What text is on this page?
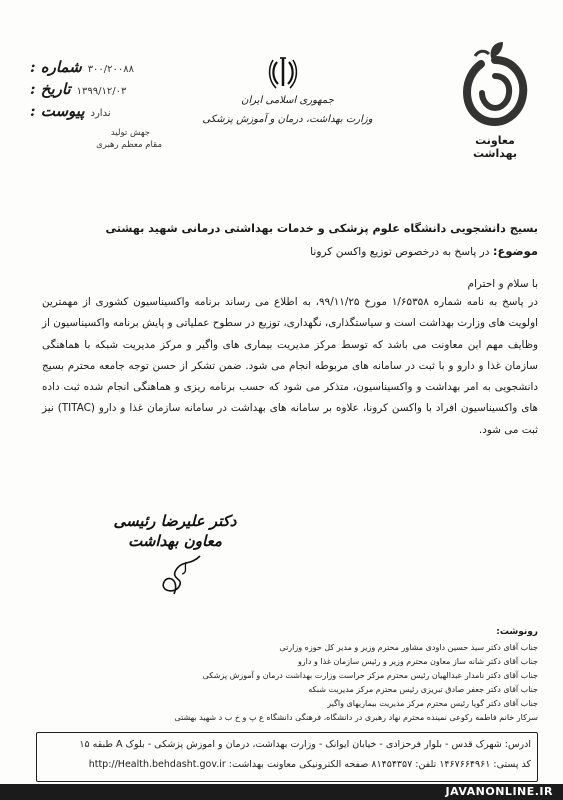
معاونت بهداشت
جمهوری اسلامی ایران
وزارت بهداشت، درمان و آموزش پزشکی
شماره : ۳۰۰/۲۰۰۸۸
تاریخ : ۱۳۹۹/۱۲/۰۳
پیوست : ندارد
جهش تولید
مقام معظم رهبری
بسیج دانشجویی دانشگاه علوم پزشکی و خدمات بهداشتی درمانی شهید بهشتی
موضوع: در پاسخ به درخصوص توزیع واکسن کرونا
با سلام و احترام
در پاسخ به نامه شماره ۱/۶۵۳۵۸ مورخ ۹۹/۱۱/۲۵، به اطلاع می رساند برنامه واکسیناسیون کشوری از مهمترین اولویت های وزارت بهداشت است و سیاستگذاری، نگهداری، توزیع در سطوح عملیاتی و پایش برنامه واکسیناسیون از وظایف مهم این معاونت می باشد که توسط مرکز مدیریت بیماری های واگیر و مرکز مدیریت شبکه با هماهنگی سازمان غذا و دارو و با ثبت در سامانه های مربوطه انجام می شود. ضمن تشکر از حسن توجه جامعه محترم بسیج دانشجویی به امر بهداشت و واکسیناسیون، متذکر می شود که حسب برنامه ریزی و هماهنگی انجام شده ثبت داده های واکسیناسیون افراد با واکسن کرونا، علاوه بر سامانه های بهداشت در سامانه سازمان غذا و دارو (TITAC) نیز ثبت می شود.
دکتر علیرضا رئیسی
معاون بهداشت
رونوشت:
جناب آقای دکتر سید حسین داودی مشاور محترم وزیر و مدیر کل حوزه وزارتی
جناب آقای دکتر شانه ساز معاون محترم وزیر و رئیس سازمان غذا و دارو
جناب آقای دکتر نامدار عبدالهیان رئیس محترم مرکز حراست وزارت بهداشت درمان و آموزش پزشکی
جناب آقای دکتر جعفر صادق تبریزی رئیس محترم مرکز مدیریت شبکه
جناب آقای دکتر گویا رئیس محترم مرکز مدیریت بیماریهای واگیر
سرکار خانم فاطمه رکوعی نمینده محترم نهاد رهبری در دانشگاه، فرهنگی دانشگاه ع پ و خ ب د شهید بهشتی
آدرس: شهرک قدس - بلوار فرحزادی - خیابان ایوانک - وزارت بهداشت، درمان و آموزش پزشکی - بلوک A طبقه ۱۵
کد پستی: ۱۴۶۷۶۶۴۹۶۱ تلفن: ۸۱۴۵۴۳۵۷ صفحه الکترونیکی معاونت بهداشت: http://Health.behdasht.gov.ir
JAVANONLINE.IR
